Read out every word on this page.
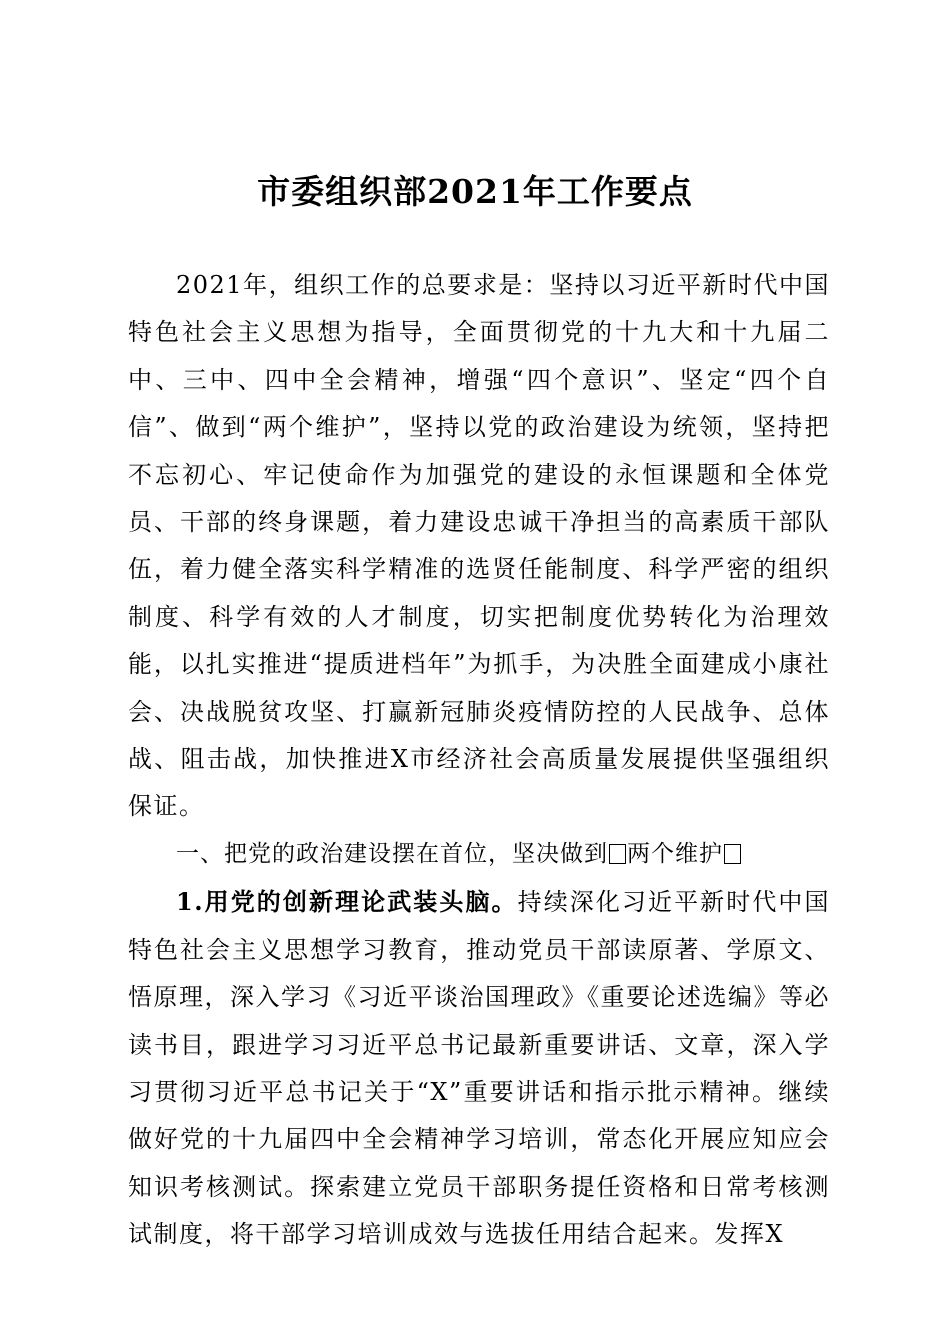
市委组织部2021年工作要点

2021年，组织工作的总要求是：坚持以习近平新时代中国特色社会主义思想为指导，全面贯彻党的十九大和十九届二中、三中、四中全会精神，增强“四个意识”、坚定“四个自信”、做到“两个维护”，坚持以党的政治建设为统领，坚持把不忘初心、牢记使命作为加强党的建设的永恒课题和全体党员、干部的终身课题，着力建设忠诚干净担当的高素质干部队伍，着力健全落实科学精准的选贤任能制度、科学严密的组织制度、科学有效的人才制度，切实把制度优势转化为治理效能，以扎实推进“提质进档年”为抓手，为决胜全面建成小康社会、决战脱贫攻坚、打赢新冠肺炎疫情防控的人民战争、总体战、阻击战，加快推进X市经济社会高质量发展提供坚强组织保证。

一、把党的政治建设摆在首位，坚决做到 两个维护

1.用党的创新理论武装头脑。持续深化习近平新时代中国特色社会主义思想学习教育，推动党员干部读原著、学原文、悟原理，深入学习《习近平谈治国理政》《重要论述选编》等必读书目，跟进学习习近平总书记最新重要讲话、文章，深入学习贯彻习近平总书记关于“X”重要讲话和指示批示精神。继续做好党的十九届四中全会精神学习培训，常态化开展应知应会知识考核测试。探索建立党员干部职务提任资格和日常考核测试制度，将干部学习培训成效与选拔任用结合起来。发挥X
